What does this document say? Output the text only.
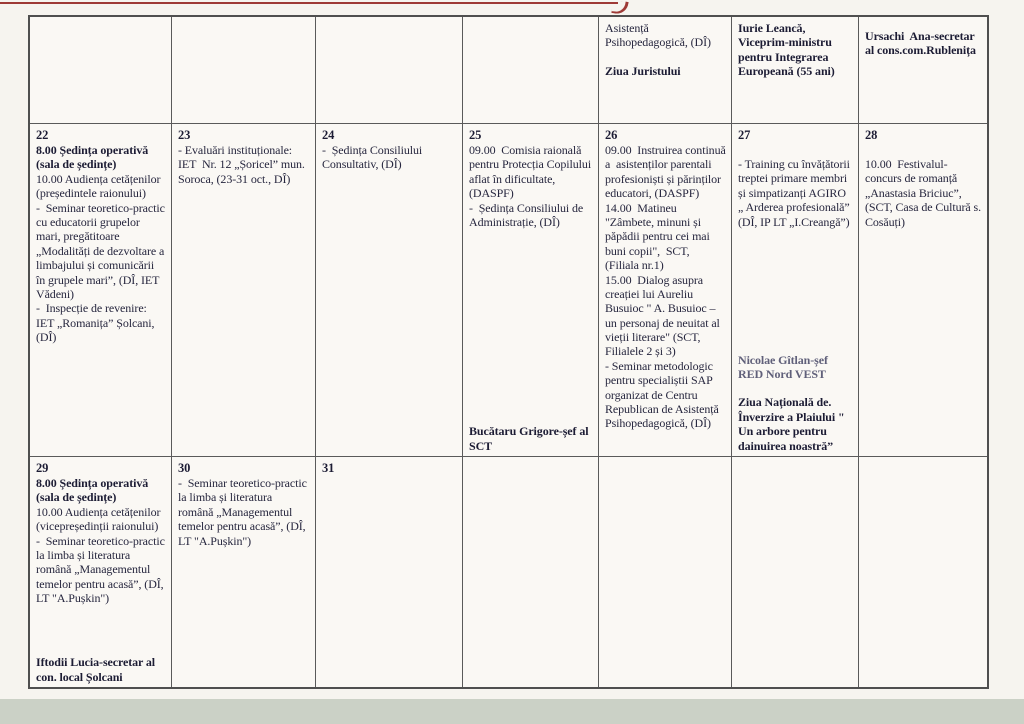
Asistență Psihopedagogică, (DÎ)
Ziua Juristului
Iurie Leancă, Viceprim-ministru pentru Integrarea Europeană (55 ani)
Ursachi  Ana-secretar al cons.com.Rublenița
22
8.00 Ședința operativă (sala de ședințe)
10.00 Audiența cetățenilor (președintele raionului)
-  Seminar teoretico-practic cu educatorii grupelor mari, pregătitoare „Modalități de dezvoltare a limbajului și comunicării în grupele mari”, (DÎ, IET Vădeni)
-  Inspecție de revenire: IET „Romanița” Șolcani, (DÎ)
23
- Evaluări instituționale: IET  Nr. 12 „Șoricel” mun. Soroca, (23-31 oct., DÎ)
24
-  Ședința Consiliului Consultativ, (DÎ)
25
09.00  Comisia raională pentru Protecția Copilului aflat în dificultate, (DASPF)
-  Ședința Consiliului de Administrație, (DÎ)
Bucătaru Grigore-șef al SCT
26
09.00  Instruirea continuă a  asistenților parentali profesioniști și părinților educatori, (DASPF)
14.00  Matineu "Zâmbete, minuni și păpădii pentru cei mai buni copii",  SCT, (Filiala nr.1)
15.00  Dialog asupra creației lui Aureliu Busuioc " A. Busuioc – un personaj de neuitat al vieții literare" (SCT, Filialele 2 și 3)
- Seminar metodologic pentru specialiștii SAP organizat de Centru Republican de Asistență Psihopedagogică, (DÎ)
27
- Training cu învățătorii treptei primare membri și simpatizanți AGIRO „ Arderea profesională” (DÎ, IP LT „I.Creangă”)
Nicolae Gîtlan-șef RED Nord VEST
Ziua Națională de. Înverzire a Plaiului " Un arbore pentru dainuirea noastră”
28
10.00  Festivalul-concurs de romanță „Anastasia Briciuc”, (SCT, Casa de Cultură s. Cosăuți)
29
8.00 Ședința operativă (sala de ședințe)
10.00 Audiența cetățenilor (vicepreședinții raionului)
-  Seminar teoretico-practic la limba și literatura română „Managementul temelor pentru acasă”, (DÎ,  LT "A.Pușkin")
Iftodii Lucia-secretar al con. local Șolcani
30
-  Seminar teoretico-practic la limba și literatura română „Managementul temelor pentru acasă”, (DÎ,  LT "A.Pușkin")
31
